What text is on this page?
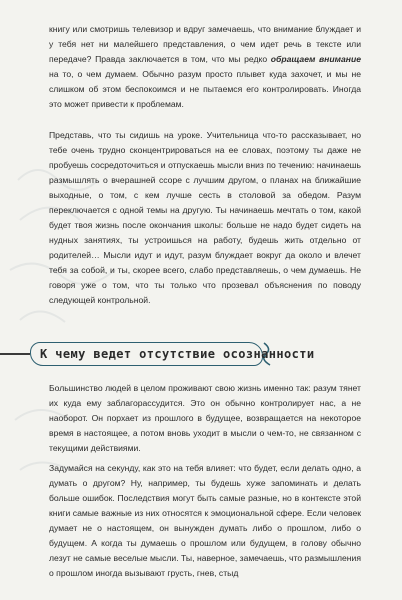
книгу или смотришь телевизор и вдруг замечаешь, что внимание блуждает и у тебя нет ни малейшего представления, о чем идет речь в тексте или передаче? Правда заключается в том, что мы редко обращаем внимание на то, о чем думаем. Обычно разум просто плывет куда захочет, и мы не слишком об этом беспокоимся и не пытаемся его контролировать. Иногда это может привести к проблемам.

Представь, что ты сидишь на уроке. Учительница что-то рассказывает, но тебе очень трудно сконцентрироваться на ее словах, поэтому ты даже не пробуешь сосредоточиться и отпускаешь мысли вниз по течению: начинаешь размышлять о вчерашней ссоре с лучшим другом, о планах на ближайшие выходные, о том, с кем лучше сесть в столовой за обедом. Разум переключается с одной темы на другую. Ты начинаешь мечтать о том, какой будет твоя жизнь после окончания школы: больше не надо будет сидеть на нудных занятиях, ты устроишься на работу, будешь жить отдельно от родителей… Мысли идут и идут, разум блуждает вокруг да около и влечет тебя за собой, и ты, скорее всего, слабо представляешь, о чем думаешь. Не говоря уже о том, что ты только что прозевал объяснения по поводу следующей контрольной.

К чему ведет отсутствие осознанности

Большинство людей в целом проживают свою жизнь именно так: разум тянет их куда ему заблагорассудится. Это он обычно контролирует нас, а не наоборот. Он порхает из прошлого в будущее, возвращается на некоторое время в настоящее, а потом вновь уходит в мысли о чем-то, не связанном с текущими действиями.

Задумайся на секунду, как это на тебя влияет: что будет, если делать одно, а думать о другом? Ну, например, ты будешь хуже запоминать и делать больше ошибок. Последствия могут быть самые разные, но в контексте этой книги самые важные из них относятся к эмоциональной сфере. Если человек думает не о настоящем, он вынужден думать либо о прошлом, либо о будущем. А когда ты думаешь о прошлом или будущем, в голову обычно лезут не самые веселые мысли. Ты, наверное, замечаешь, что размышления о прошлом иногда вызывают грусть, гнев, стыд
